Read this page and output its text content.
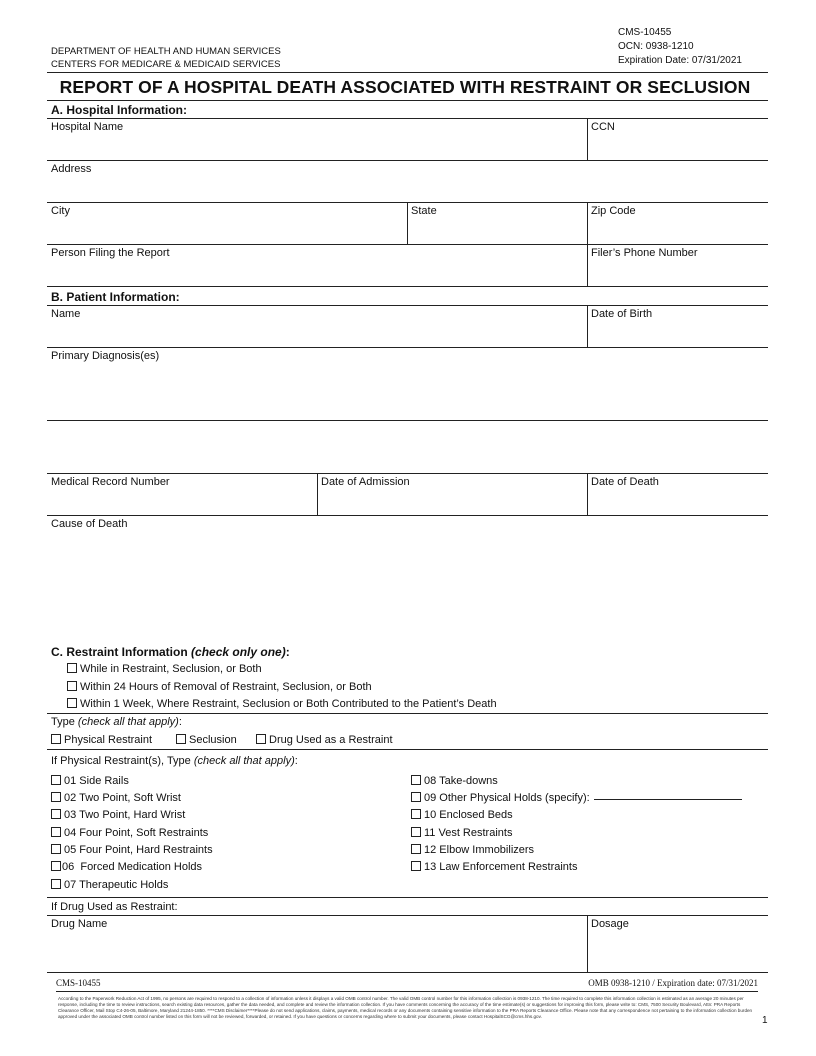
DEPARTMENT OF HEALTH AND HUMAN SERVICES
CENTERS FOR MEDICARE & MEDICAID SERVICES
CMS-10455
OCN: 0938-1210
Expiration Date: 07/31/2021
REPORT OF A HOSPITAL DEATH ASSOCIATED WITH RESTRAINT OR SECLUSION
A. Hospital Information:
Hospital Name	CCN
Address
City	State	Zip Code
Person Filing the Report	Filer’s Phone Number
B. Patient Information:
Name	Date of Birth
Primary Diagnosis(es)
Medical Record Number	Date of Admission	Date of Death
Cause of Death
C. Restraint Information (check only one):
While in Restraint, Seclusion, or Both
Within 24 Hours of Removal of Restraint, Seclusion, or Both
Within 1 Week, Where Restraint, Seclusion or Both Contributed to the Patient’s Death
Type (check all that apply):
Physical Restraint	Seclusion	Drug Used as a Restraint
If Physical Restraint(s), Type (check all that apply):
01 Side Rails
02 Two Point, Soft Wrist
03 Two Point, Hard Wrist
04 Four Point, Soft Restraints
05 Four Point, Hard Restraints
06  Forced Medication Holds
07 Therapeutic Holds
08 Take-downs
09 Other Physical Holds (specify):
10 Enclosed Beds
11 Vest Restraints
12 Elbow Immobilizers
13 Law Enforcement Restraints
If Drug Used as Restraint:
Drug Name	Dosage
CMS-10455	OMB 0938-1210 / Expiration date: 07/31/2021
According to the Paperwork Reduction Act of 1995, no persons are required to respond to a collection of information unless it displays a valid OMB control number. The valid OMB control number for this information collection is 0938-1210. The time required to complete this information collection is estimated as an average 20 minutes per response, including the time to review instructions, search existing data resources, gather the data needed, and complete and review the information collection. If you have comments concerning the accuracy of the time estimate(s) or suggestions for improving this form, please write to: CMS, 7500 Security Boulevard, Attn: PRA Reports Clearance Officer, Mail Stop C4-26-05, Baltimore, Maryland 21244-1850. ****CMS Disclaimer****Please do not send applications, claims, payments, medical records or any documents containing sensitive information to the PRA Reports Clearance Office. Please note that any correspondence not pertaining to the information collection burden approved under the associated OMB control number listed on this form will not be reviewed, forwarded, or retained. If you have questions or concerns regarding where to submit your documents, please contact HospitalSCG@cms.hhs.gov.	1
